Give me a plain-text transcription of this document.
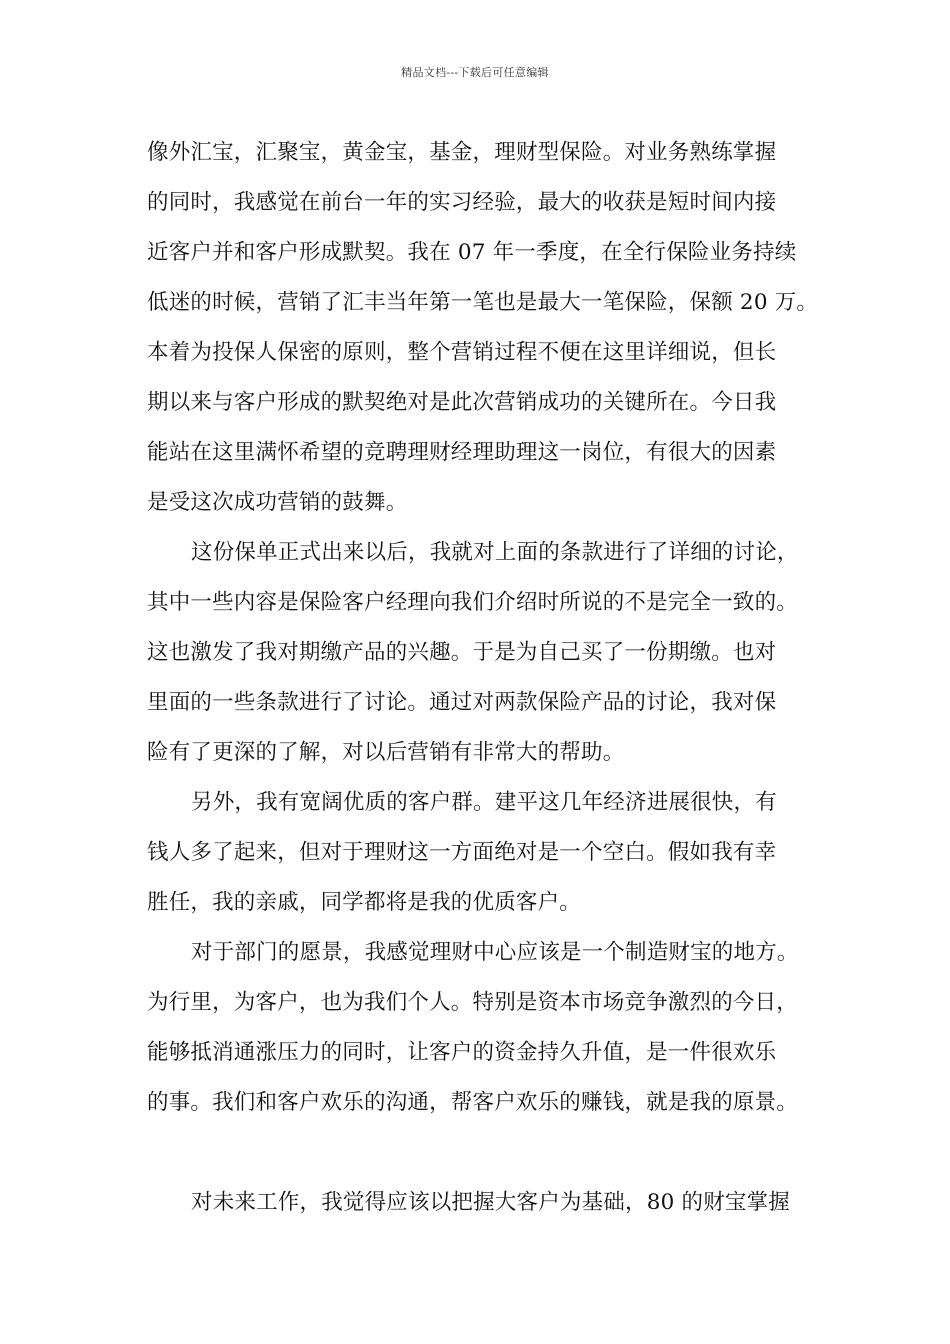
精品文档---下载后可任意编辑
像外汇宝，汇聚宝，黄金宝，基金，理财型保险。对业务熟练掌握
的同时，我感觉在前台一年的实习经验，最大的收获是短时间内接
近客户并和客户形成默契。我在 07 年一季度，在全行保险业务持续
低迷的时候，营销了汇丰当年第一笔也是最大一笔保险，保额 20 万。
本着为投保人保密的原则，整个营销过程不便在这里详细说，但长
期以来与客户形成的默契绝对是此次营销成功的关键所在。今日我
能站在这里满怀希望的竞聘理财经理助理这一岗位，有很大的因素
是受这次成功营销的鼓舞。
这份保单正式出来以后，我就对上面的条款进行了详细的讨论，
其中一些内容是保险客户经理向我们介绍时所说的不是完全一致的。
这也激发了我对期缴产品的兴趣。于是为自己买了一份期缴。也对
里面的一些条款进行了讨论。通过对两款保险产品的讨论，我对保
险有了更深的了解，对以后营销有非常大的帮助。
另外，我有宽阔优质的客户群。建平这几年经济进展很快，有
钱人多了起来，但对于理财这一方面绝对是一个空白。假如我有幸
胜任，我的亲戚，同学都将是我的优质客户。
对于部门的愿景，我感觉理财中心应该是一个制造财宝的地方。
为行里，为客户，也为我们个人。特别是资本市场竞争激烈的今日，
能够抵消通涨压力的同时，让客户的资金持久升值，是一件很欢乐
的事。我们和客户欢乐的沟通，帮客户欢乐的赚钱，就是我的原景。
对未来工作，我觉得应该以把握大客户为基础，80 的财宝掌握
